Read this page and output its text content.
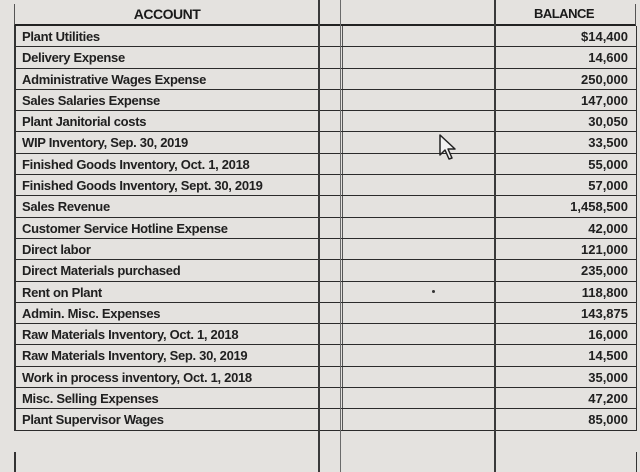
ACCOUNT	BALANCE
Plant Utilities	$14,400
Delivery Expense	14,600
Administrative Wages Expense	250,000
Sales Salaries Expense	147,000
Plant Janitorial costs	30,050
WIP Inventory, Sep. 30, 2019	33,500
Finished Goods Inventory, Oct. 1, 2018	55,000
Finished Goods Inventory, Sept. 30, 2019	57,000
Sales Revenue	1,458,500
Customer Service Hotline Expense	42,000
Direct labor	121,000
Direct Materials purchased	235,000
Rent on Plant	118,800
Admin. Misc. Expenses	143,875
Raw Materials Inventory, Oct. 1, 2018	16,000
Raw Materials Inventory, Sep. 30, 2019	14,500
Work in process inventory, Oct. 1, 2018	35,000
Misc. Selling Expenses	47,200
Plant Supervisor Wages	85,000
